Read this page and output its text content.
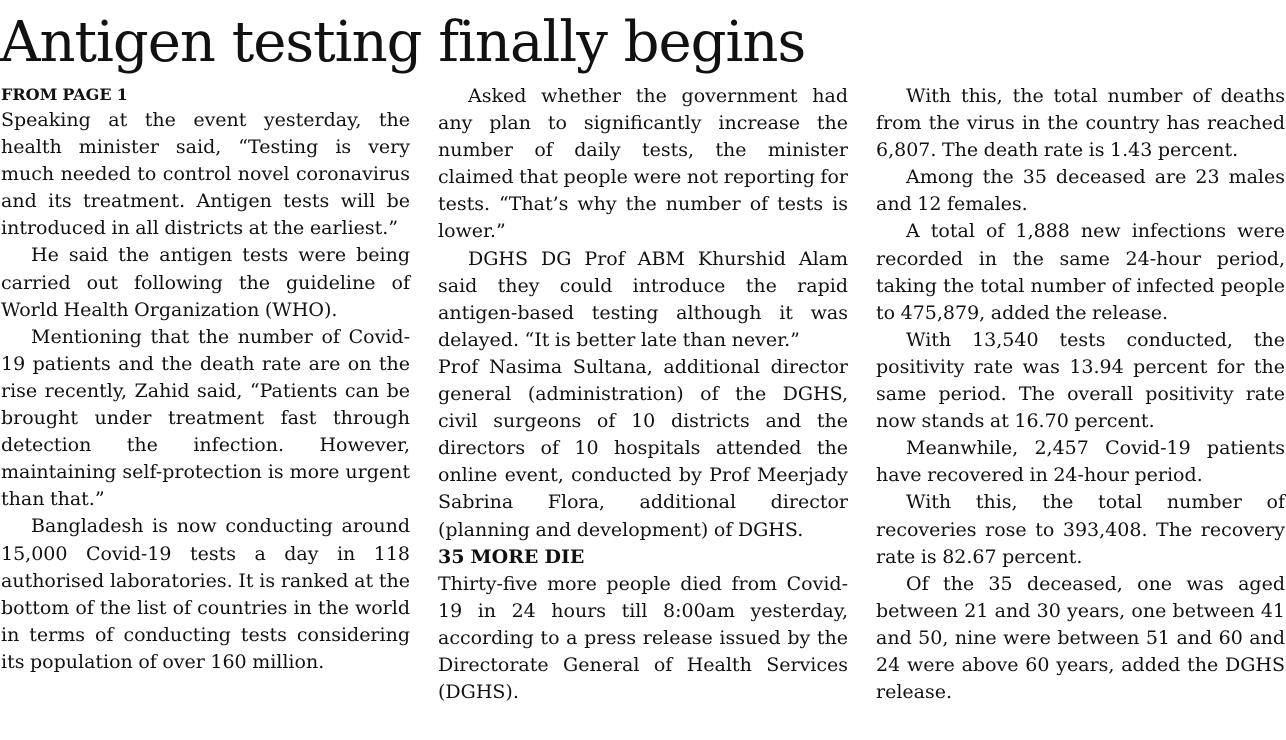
Antigen testing finally begins

FROM PAGE 1

Speaking at the event yesterday, the health minister said, “Testing is very much needed to control novel coronavirus and its treatment. Antigen tests will be introduced in all districts at the earliest.”

He said the antigen tests were being carried out following the guideline of World Health Organization (WHO).

Mentioning that the number of Covid-19 patients and the death rate are on the rise recently, Zahid said, “Patients can be brought under treatment fast through detection the infection. However, maintaining self-protection is more urgent than that.”

Bangladesh is now conducting around 15,000 Covid-19 tests a day in 118 authorised laboratories. It is ranked at the bottom of the list of countries in the world in terms of conducting tests considering its population of over 160 million.

Asked whether the government had any plan to significantly increase the number of daily tests, the minister claimed that people were not reporting for tests. “That’s why the number of tests is lower.”

DGHS DG Prof ABM Khurshid Alam said they could introduce the rapid antigen-based testing although it was delayed. “It is better late than never.”

Prof Nasima Sultana, additional director general (administration) of the DGHS, civil surgeons of 10 districts and the directors of 10 hospitals attended the online event, conducted by Prof Meerjady Sabrina Flora, additional director (planning and development) of DGHS.

35 MORE DIE

Thirty-five more people died from Covid-19 in 24 hours till 8:00am yesterday, according to a press release issued by the Directorate General of Health Services (DGHS).

With this, the total number of deaths from the virus in the country has reached 6,807. The death rate is 1.43 percent.

Among the 35 deceased are 23 males and 12 females.

A total of 1,888 new infections were recorded in the same 24-hour period, taking the total number of infected people to 475,879, added the release.

With 13,540 tests conducted, the positivity rate was 13.94 percent for the same period. The overall positivity rate now stands at 16.70 percent.

Meanwhile, 2,457 Covid-19 patients have recovered in 24-hour period.

With this, the total number of recoveries rose to 393,408. The recovery rate is 82.67 percent.

Of the 35 deceased, one was aged between 21 and 30 years, one between 41 and 50, nine were between 51 and 60 and 24 were above 60 years, added the DGHS release.
